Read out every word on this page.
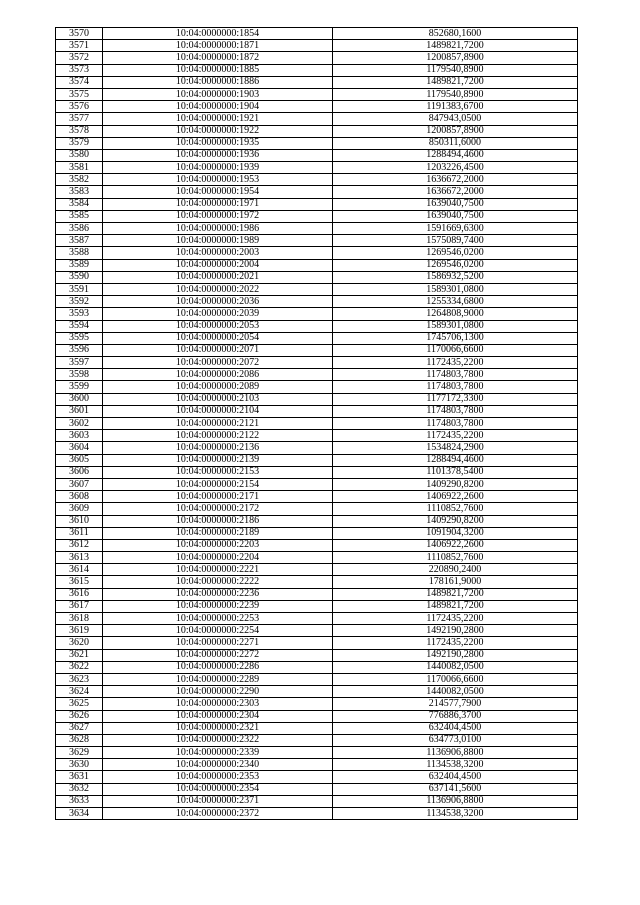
3570	10:04:0000000:1854	852680,1600
3571	10:04:0000000:1871	1489821,7200
3572	10:04:0000000:1872	1200857,8900
3573	10:04:0000000:1885	1179540,8900
3574	10:04:0000000:1886	1489821,7200
3575	10:04:0000000:1903	1179540,8900
3576	10:04:0000000:1904	1191383,6700
3577	10:04:0000000:1921	847943,0500
3578	10:04:0000000:1922	1200857,8900
3579	10:04:0000000:1935	850311,6000
3580	10:04:0000000:1936	1288494,4600
3581	10:04:0000000:1939	1203226,4500
3582	10:04:0000000:1953	1636672,2000
3583	10:04:0000000:1954	1636672,2000
3584	10:04:0000000:1971	1639040,7500
3585	10:04:0000000:1972	1639040,7500
3586	10:04:0000000:1986	1591669,6300
3587	10:04:0000000:1989	1575089,7400
3588	10:04:0000000:2003	1269546,0200
3589	10:04:0000000:2004	1269546,0200
3590	10:04:0000000:2021	1586932,5200
3591	10:04:0000000:2022	1589301,0800
3592	10:04:0000000:2036	1255334,6800
3593	10:04:0000000:2039	1264808,9000
3594	10:04:0000000:2053	1589301,0800
3595	10:04:0000000:2054	1745706,1300
3596	10:04:0000000:2071	1170066,6600
3597	10:04:0000000:2072	1172435,2200
3598	10:04:0000000:2086	1174803,7800
3599	10:04:0000000:2089	1174803,7800
3600	10:04:0000000:2103	1177172,3300
3601	10:04:0000000:2104	1174803,7800
3602	10:04:0000000:2121	1174803,7800
3603	10:04:0000000:2122	1172435,2200
3604	10:04:0000000:2136	1534824,2900
3605	10:04:0000000:2139	1288494,4600
3606	10:04:0000000:2153	1101378,5400
3607	10:04:0000000:2154	1409290,8200
3608	10:04:0000000:2171	1406922,2600
3609	10:04:0000000:2172	1110852,7600
3610	10:04:0000000:2186	1409290,8200
3611	10:04:0000000:2189	1091904,3200
3612	10:04:0000000:2203	1406922,2600
3613	10:04:0000000:2204	1110852,7600
3614	10:04:0000000:2221	220890,2400
3615	10:04:0000000:2222	178161,9000
3616	10:04:0000000:2236	1489821,7200
3617	10:04:0000000:2239	1489821,7200
3618	10:04:0000000:2253	1172435,2200
3619	10:04:0000000:2254	1492190,2800
3620	10:04:0000000:2271	1172435,2200
3621	10:04:0000000:2272	1492190,2800
3622	10:04:0000000:2286	1440082,0500
3623	10:04:0000000:2289	1170066,6600
3624	10:04:0000000:2290	1440082,0500
3625	10:04:0000000:2303	214577,7900
3626	10:04:0000000:2304	776886,3700
3627	10:04:0000000:2321	632404,4500
3628	10:04:0000000:2322	634773,0100
3629	10:04:0000000:2339	1136906,8800
3630	10:04:0000000:2340	1134538,3200
3631	10:04:0000000:2353	632404,4500
3632	10:04:0000000:2354	637141,5600
3633	10:04:0000000:2371	1136906,8800
3634	10:04:0000000:2372	1134538,3200
